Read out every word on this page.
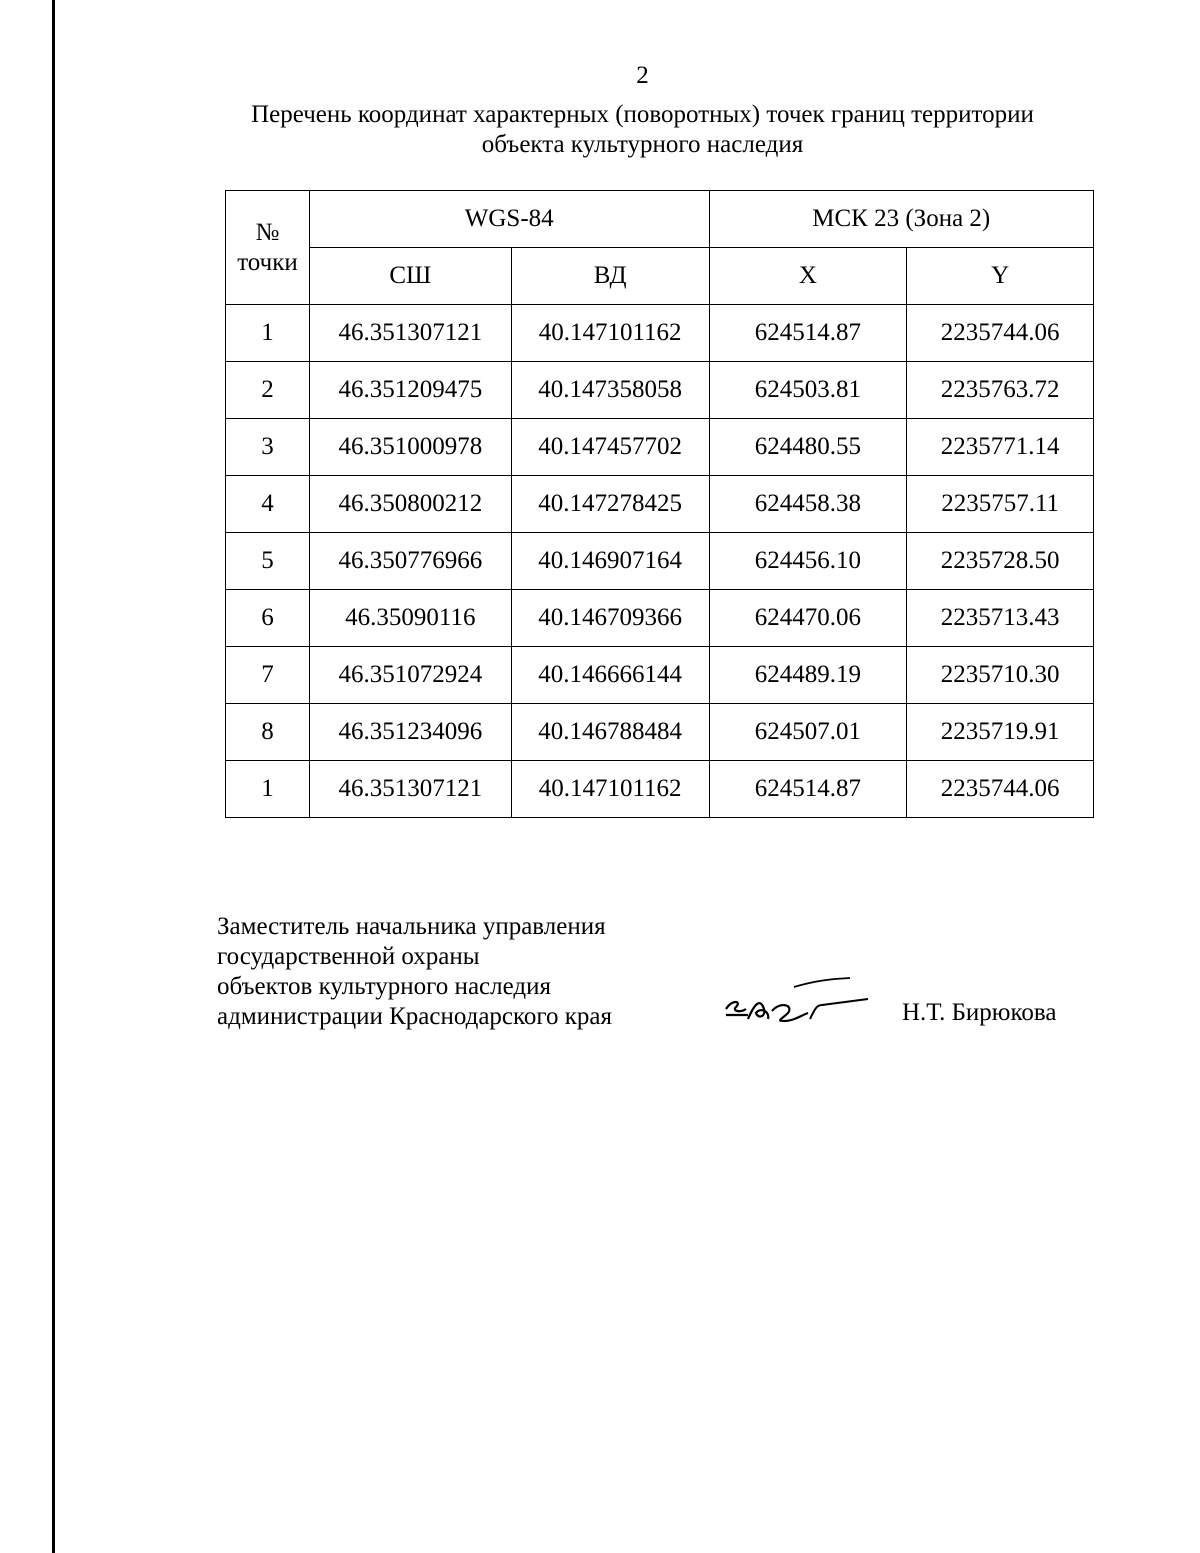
2
Перечень координат характерных (поворотных) точек границ территории
объекта культурного наследия
№
точки	WGS-84		МСК 23 (Зона 2)	
	СШ	ВД	X	Y
1	46.351307121	40.147101162	624514.87	2235744.06
2	46.351209475	40.147358058	624503.81	2235763.72
3	46.351000978	40.147457702	624480.55	2235771.14
4	46.350800212	40.147278425	624458.38	2235757.11
5	46.350776966	40.146907164	624456.10	2235728.50
6	46.35090116	40.146709366	624470.06	2235713.43
7	46.351072924	40.146666144	624489.19	2235710.30
8	46.351234096	40.146788484	624507.01	2235719.91
1	46.351307121	40.147101162	624514.87	2235744.06
Заместитель начальника управления
государственной охраны
объектов культурного наследия
администрации Краснодарского края	Н.Т. Бирюкова
